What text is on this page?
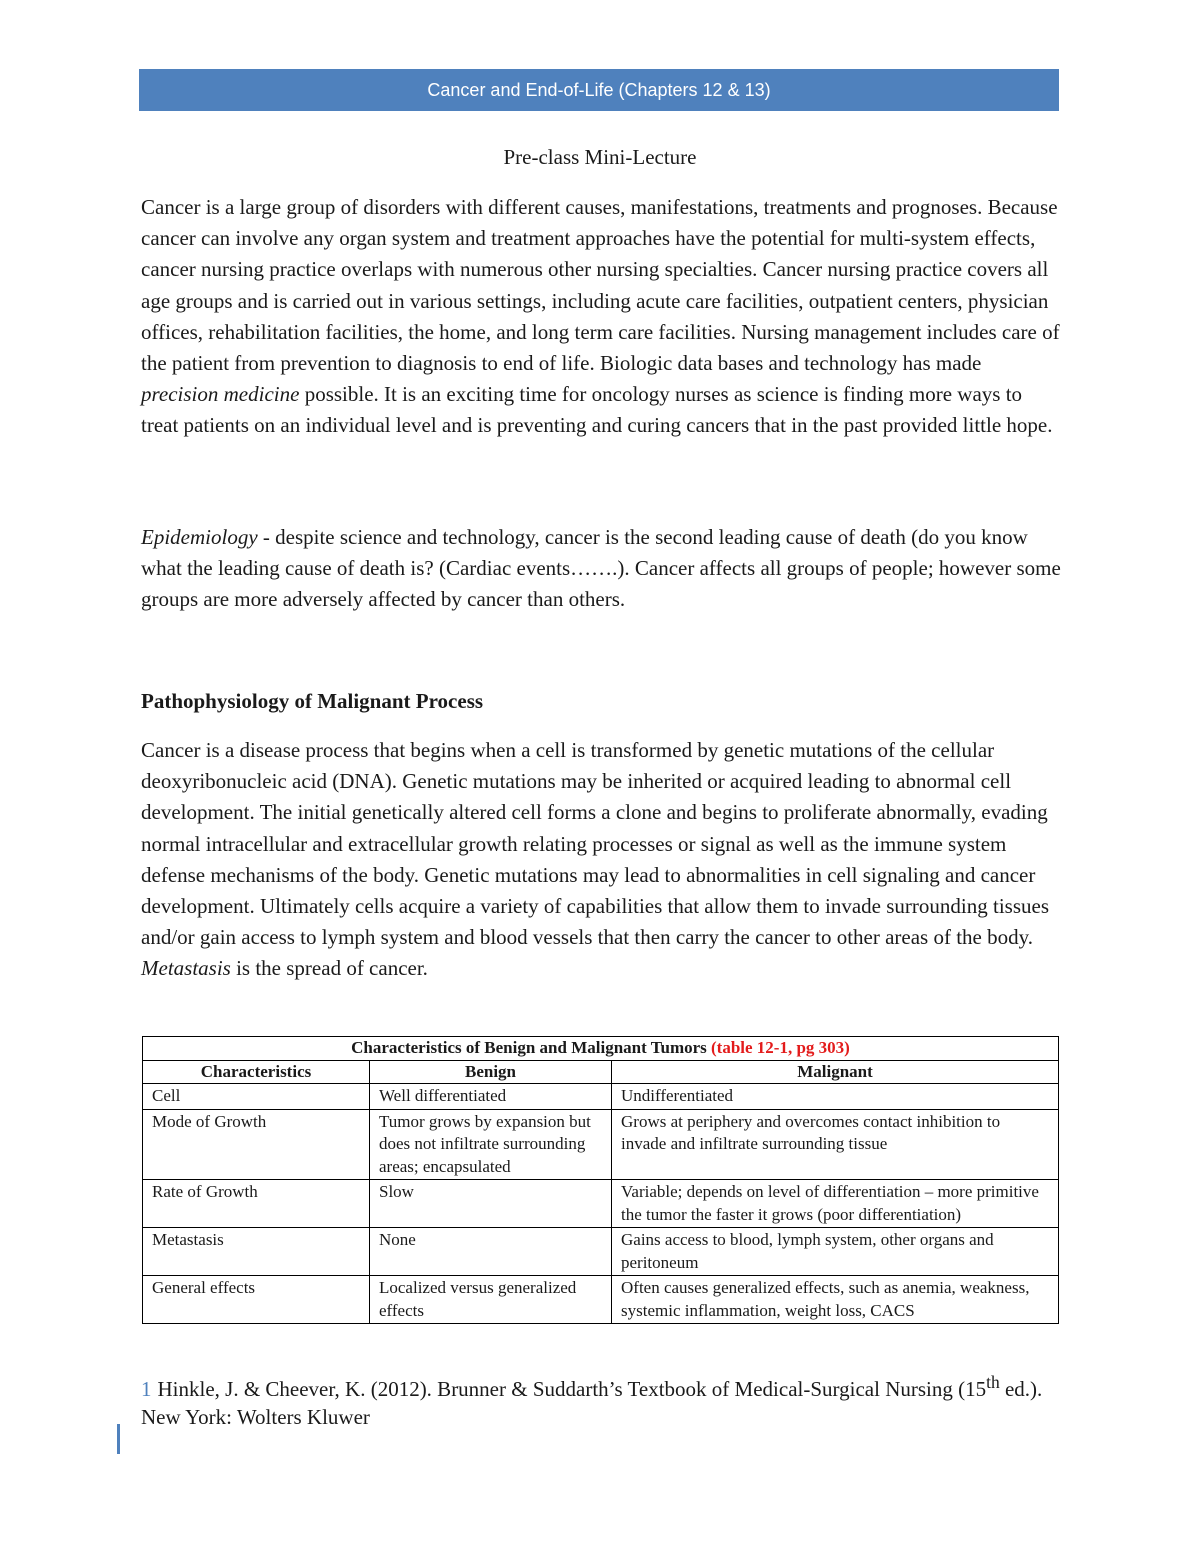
Cancer and End-of-Life (Chapters 12 & 13)
Pre-class Mini-Lecture

Cancer is a large group of disorders with different causes, manifestations, treatments and prognoses. Because cancer can involve any organ system and treatment approaches have the potential for multi-system effects, cancer nursing practice overlaps with numerous other nursing specialties. Cancer nursing practice covers all age groups and is carried out in various settings, including acute care facilities, outpatient centers, physician offices, rehabilitation facilities, the home, and long term care facilities. Nursing management includes care of the patient from prevention to diagnosis to end of life. Biologic data bases and technology has made precision medicine possible. It is an exciting time for oncology nurses as science is finding more ways to treat patients on an individual level and is preventing and curing cancers that in the past provided little hope.

Epidemiology - despite science and technology, cancer is the second leading cause of death (do you know what the leading cause of death is? (Cardiac events…….). Cancer affects all groups of people; however some groups are more adversely affected by cancer than others.

Pathophysiology of Malignant Process

Cancer is a disease process that begins when a cell is transformed by genetic mutations of the cellular deoxyribonucleic acid (DNA). Genetic mutations may be inherited or acquired leading to abnormal cell development. The initial genetically altered cell forms a clone and begins to proliferate abnormally, evading normal intracellular and extracellular growth relating processes or signal as well as the immune system defense mechanisms of the body. Genetic mutations may lead to abnormalities in cell signaling and cancer development. Ultimately cells acquire a variety of capabilities that allow them to invade surrounding tissues and/or gain access to lymph system and blood vessels that then carry the cancer to other areas of the body. Metastasis is the spread of cancer.

Characteristics of Benign and Malignant Tumors (table 12-1, pg 303)		
Characteristics	Benign	Malignant
Cell	Well differentiated	Undifferentiated
Mode of Growth	Tumor grows by expansion but does not infiltrate surrounding areas; encapsulated	Grows at periphery and overcomes contact inhibition to invade and infiltrate surrounding tissue
Rate of Growth	Slow	Variable; depends on level of differentiation – more primitive the tumor the faster it grows (poor differentiation)
Metastasis	None	Gains access to blood, lymph system, other organs and peritoneum
General effects	Localized versus generalized effects	Often causes generalized effects, such as anemia, weakness, systemic inflammation, weight loss, CACS

1 Hinkle, J. & Cheever, K. (2012). Brunner & Suddarth’s Textbook of Medical-Surgical Nursing (15th ed.). New York: Wolters Kluwer
